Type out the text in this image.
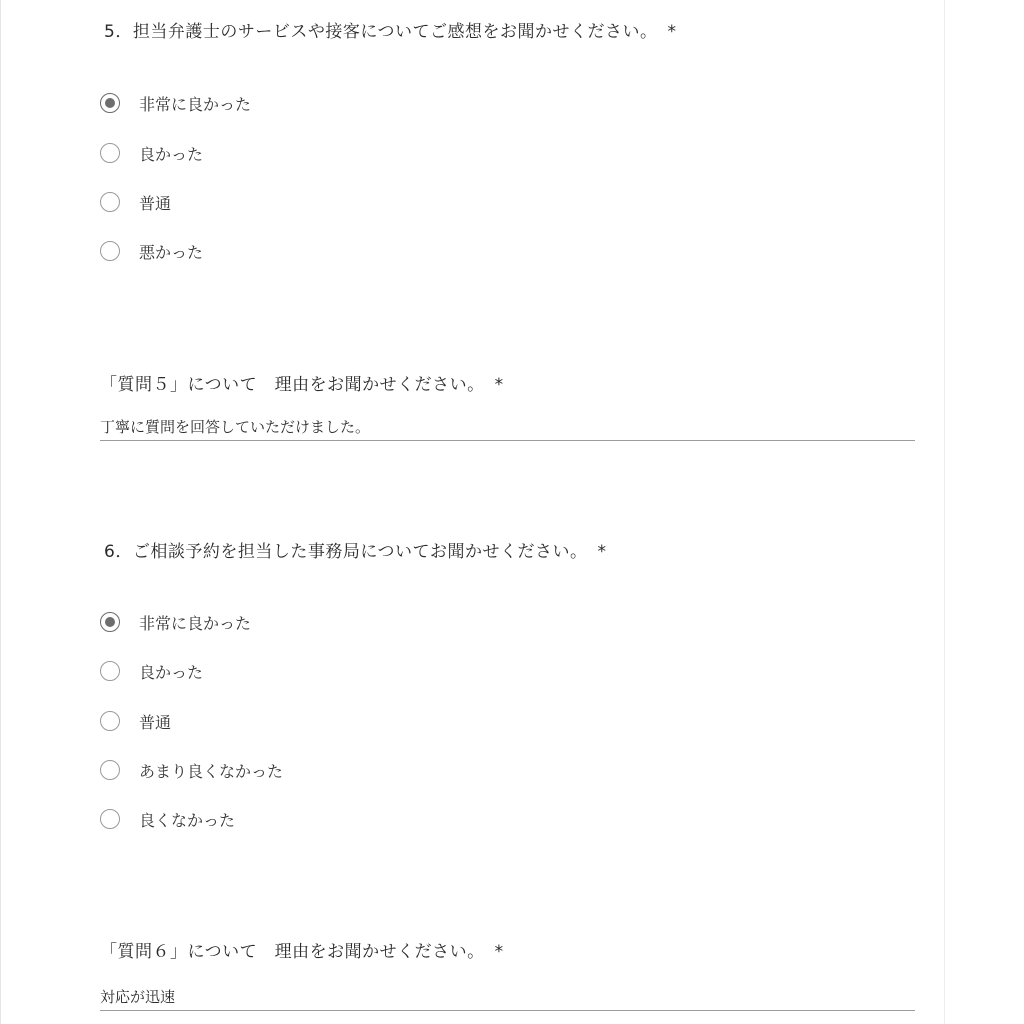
5．担当弁護士のサービスや接客についてご感想をお聞かせください。 *
非常に良かった
良かった
普通
悪かった
「質問５」について　理由をお聞かせください。 *
丁寧に質問を回答していただけました。
6．ご相談予約を担当した事務局についてお聞かせください。 *
非常に良かった
良かった
普通
あまり良くなかった
良くなかった
「質問６」について　理由をお聞かせください。 *
対応が迅速
